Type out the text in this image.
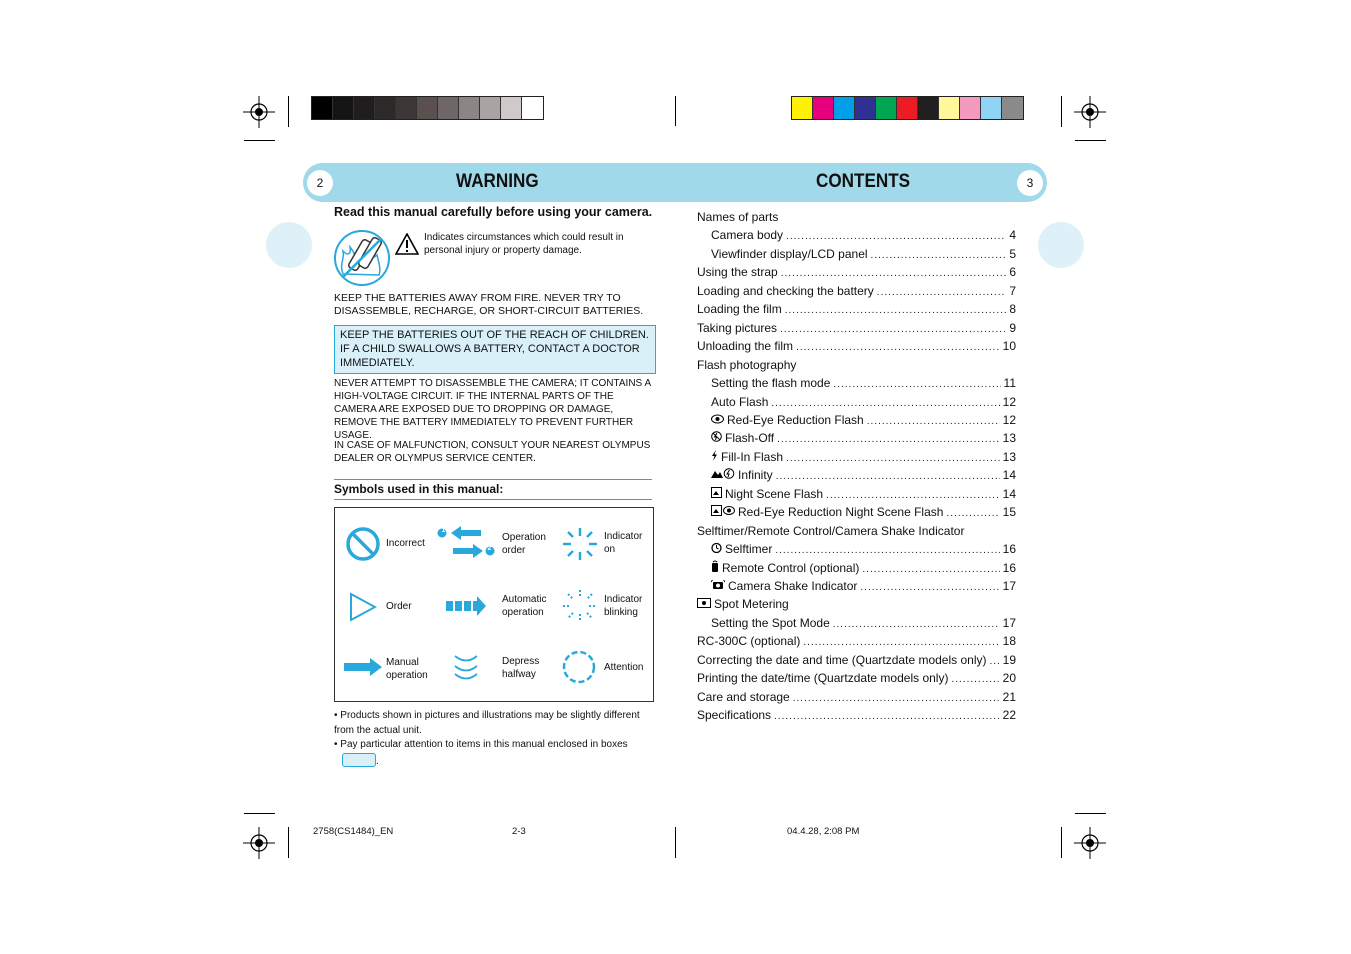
2	WARNING	CONTENTS	3
Read this manual carefully before using your camera.
Indicates circumstances which could result in personal injury or property damage.
KEEP THE BATTERIES AWAY FROM FIRE. NEVER TRY TO DISASSEMBLE, RECHARGE, OR SHORT-CIRCUIT BATTERIES.
KEEP THE BATTERIES OUT OF THE REACH OF CHILDREN. IF A CHILD SWALLOWS A BATTERY, CONTACT A DOCTOR IMMEDIATELY.
NEVER ATTEMPT TO DISASSEMBLE THE CAMERA; IT CONTAINS A HIGH-VOLTAGE CIRCUIT. IF THE INTERNAL PARTS OF THE CAMERA ARE EXPOSED DUE TO DROPPING OR DAMAGE, REMOVE THE BATTERY IMMEDIATELY TO PREVENT FURTHER USAGE.
IN CASE OF MALFUNCTION, CONSULT YOUR NEAREST OLYMPUS DEALER OR OLYMPUS SERVICE CENTER.
Symbols used in this manual:
Incorrect
1
2
Operation
order
Indicator
on
Order
Automatic
operation
Indicator
blinking
Manual
operation
Depress
halfway
Attention
• Products shown in pictures and illustrations may be slightly different from the actual unit.
• Pay particular attention to items in this manual enclosed in boxes
.
Names of parts
Camera body .....	4
Viewfinder display/LCD panel .....	5
Using the strap .....	6
Loading and checking the battery .....	7
Loading the film .....	8
Taking pictures .....	9
Unloading the film .....	10
Flash photography
Setting the flash mode .....	11
Auto Flash .....	12
Red-Eye Reduction Flash .....	12
Flash-Off .....	13
Fill-In Flash .....	13
Infinity .....	14
Night Scene Flash .....	14
Red-Eye Reduction Night Scene Flash .....	15
Selftimer/Remote Control/Camera Shake Indicator
Selftimer .....	16
Remote Control (optional) .....	16
Camera Shake Indicator .....	17
Spot Metering
Setting the Spot Mode .....	17
RC-300C (optional) .....	18
Correcting the date and time (Quartzdate models only) ..... 19
Printing the date/time (Quartzdate models only) .....	20
Care and storage .....	21
Specifications .....	22
2758(CS1484)_EN	2-3	04.4.28, 2:08 PM
